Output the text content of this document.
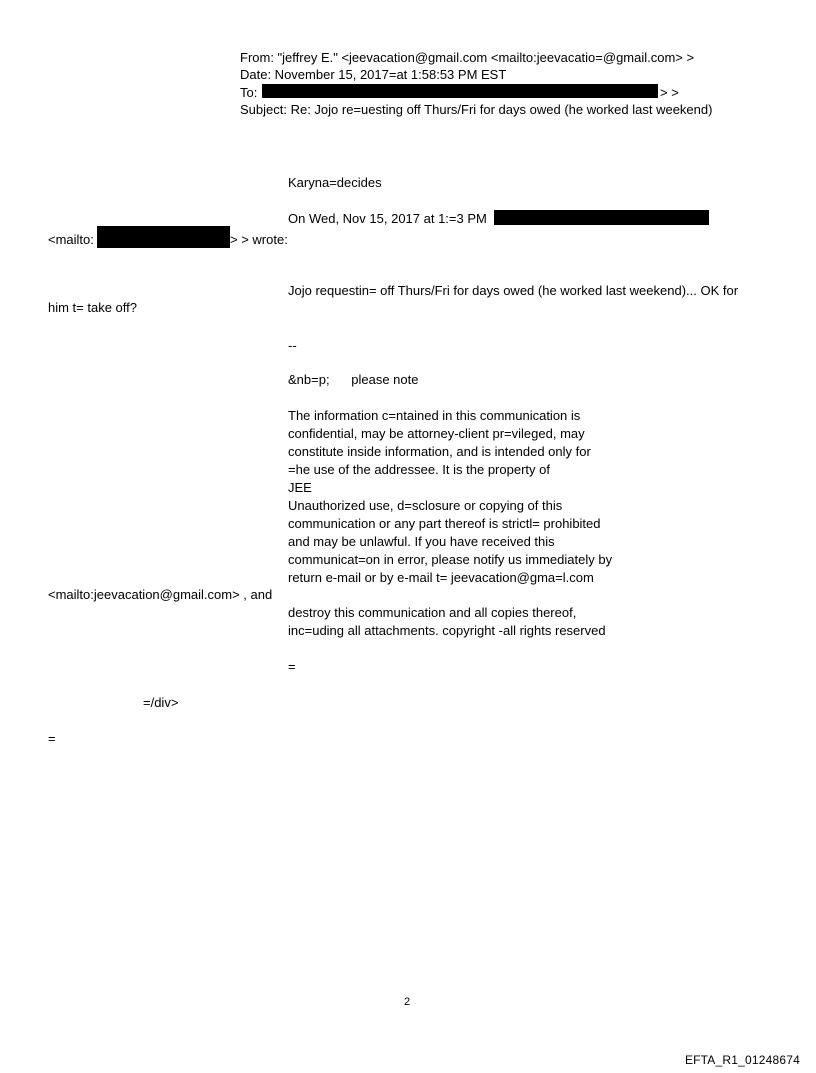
From: "jeffrey E." <jeevacation@gmail.com <mailto:jeevacatio=@gmail.com> >
Date: November 15, 2017=at 1:58:53 PM EST
To:	> >
Subject: Re: Jojo re=uesting off Thurs/Fri for days owed (he worked last weekend)
Karyna=decides
On Wed, Nov 15, 2017 at 1:=3 PM
<mailto:	> > wrote:
Jojo requestin= off Thurs/Fri for days owed (he worked last weekend)... OK for
him t= take off?
--
&nb=p;      please note
The information c=ntained in this communication is
confidential, may be attorney-client pr=vileged, may
constitute inside information, and is intended only for
=he use of the addressee. It is the property of
JEE
Unauthorized use, d=sclosure or copying of this
communication or any part thereof is strictl= prohibited
and may be unlawful. If you have received this
communicat=on in error, please notify us immediately by
return e-mail or by e-mail t= jeevacation@gma=l.com
<mailto:jeevacation@gmail.com> , and
destroy this communication and all copies thereof,
inc=uding all attachments. copyright -all rights reserved
=
=/div>
=
2
EFTA_R1_01248674
